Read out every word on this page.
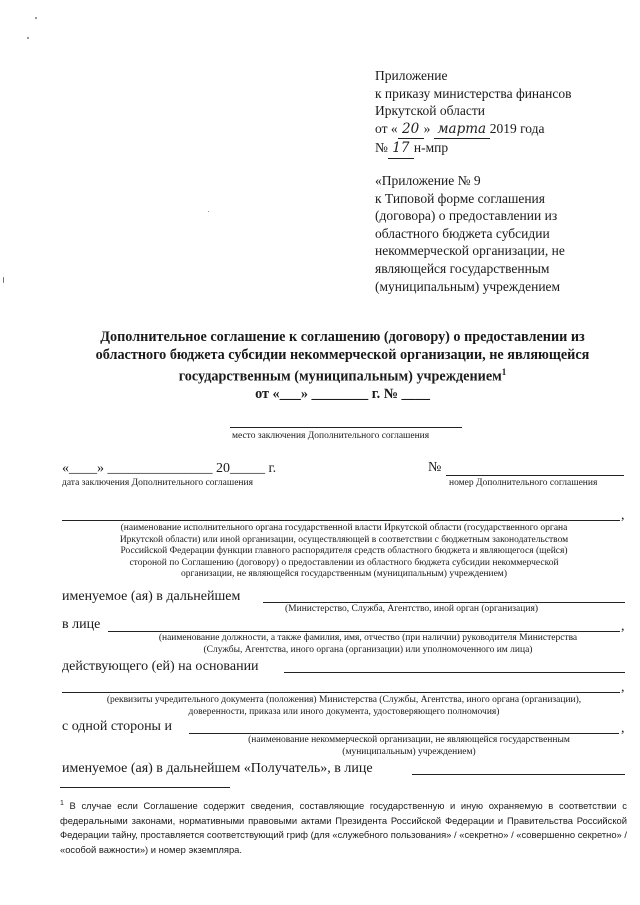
Приложение
к приказу министерства финансов
Иркутской области
от « 20 » марта 2019 года
№ 17 н-мпр
«Приложение № 9
к Типовой форме соглашения
(договора) о предоставлении из
областного бюджета субсидии
некоммерческой организации, не
являющейся государственным
(муниципальным) учреждением
Дополнительное соглашение к соглашению (договору) о предоставлении из
областного бюджета субсидии некоммерческой организации, не являющейся
государственным (муниципальным) учреждением$^1$
от «___» ________ г. № ____
место заключения Дополнительного соглашения
«____» _______________ 20_____ г.
дата заключения Дополнительного соглашения
№
номер Дополнительного соглашения
,
(наименование исполнительного органа государственной власти Иркутской области (государственного органа
Иркутской области) или иной организации, осуществляющей в соответствии с бюджетным законодательством
Российской Федерации функции главного распорядителя средств областного бюджета и являющегося (щейся)
стороной по Соглашению (договору) о предоставлении из областного бюджета субсидии некоммерческой
организации, не являющейся государственным (муниципальным) учреждением)
именуемое (ая) в дальнейшем
(Министерство, Служба, Агентство, иной орган (организация)
в лице	,
(наименование должности, а также фамилия, имя, отчество (при наличии) руководителя Министерства
(Службы, Агентства, иного органа (организации) или уполномоченного им лица)
действующего (ей) на основании
,
(реквизиты учредительного документа (положения) Министерства (Службы, Агентства, иного органа (организации),
доверенности, приказа или иного документа, удостоверяющего полномочия)
с одной стороны и	,
(наименование некоммерческой организации, не являющейся государственным
(муниципальным) учреждением)
именуемое (ая) в дальнейшем «Получатель», в лице
$^1$ В случае если Соглашение содержит сведения, составляющие государственную и иную охраняемую в соответствии с федеральными законами, нормативными правовыми актами Президента Российской Федерации и Правительства Российской Федерации тайну, проставляется соответствующий гриф (для «служебного пользования» / «секретно» / «совершенно секретно» / «особой важности») и номер экземпляра.
